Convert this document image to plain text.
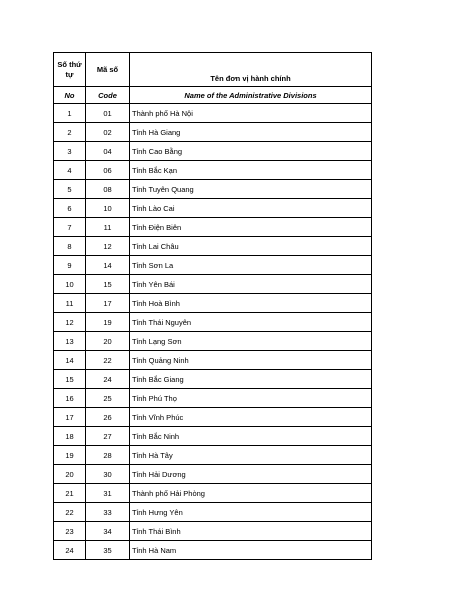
Số thứ tự	Mã số	Tên đơn vị hành chính
No	Code	Name of the Administrative Divisions
1	01	Thành phố Hà Nội
2	02	Tỉnh Hà Giang
3	04	Tỉnh Cao Bằng
4	06	Tỉnh Bắc Kạn
5	08	Tỉnh Tuyên Quang
6	10	Tỉnh Lào Cai
7	11	Tỉnh Điện Biên
8	12	Tỉnh Lai Châu
9	14	Tỉnh Sơn La
10	15	Tỉnh Yên Bái
11	17	Tỉnh Hoà Bình
12	19	Tỉnh Thái Nguyên
13	20	Tỉnh Lạng Sơn
14	22	Tỉnh Quảng Ninh
15	24	Tỉnh Bắc Giang
16	25	Tỉnh Phú Thọ
17	26	Tỉnh Vĩnh Phúc
18	27	Tỉnh Bắc Ninh
19	28	Tỉnh Hà Tây
20	30	Tỉnh Hải Dương
21	31	Thành phố Hải Phòng
22	33	Tỉnh Hưng Yên
23	34	Tỉnh Thái Bình
24	35	Tỉnh Hà Nam
